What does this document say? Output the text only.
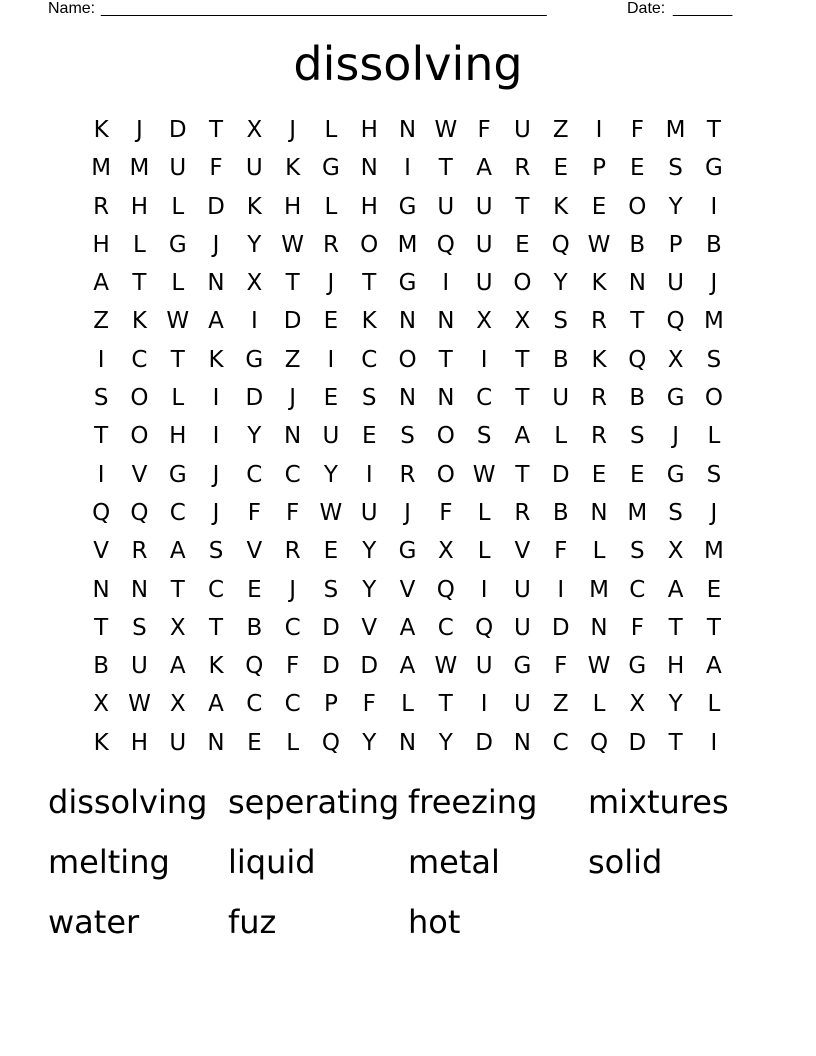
Name: _____________________________________________________	Date: _______
dissolving
K	J	D T	X	J	L	H N W F	U Z	I	F M T
M M U	F	U K G N	I	T	A R	E	P	E	S G
R H	L	D K H	L	H G U U T	K	E O Y	I
H	L G	J	Y W R O M Q U E Q W B	P	B
A	T	L	N X	T	J	T G	I	U O Y	K N U	J
Z K W A	I	D E	K N N X X	S	R	T Q M
I	C	T	K G Z	I	C O T	I	T	B K Q X	S
S O L	I	D	J	E	S N N C	T U R B G O
T O H	I	Y N U E	S O S	A	L	R	S	J	L
I	V G	J	C C	Y	I	R O W T D E	E G S
Q Q C	J	F	F W U	J	F	L	R B N M S	J
V R A	S	V R	E	Y G X	L	V	F	L	S	X M
N N T	C	E	J	S	Y	V Q	I	U	I	M C A	E
T	S	X	T	B C D V A C Q U D N	F	T	T
B U A K Q F D D A W U G F W G H A
X W X A C C	P	F	L	T	I	U Z	L	X	Y	L
K H U N E	L Q Y N Y D N C Q D T	I
dissolving seperating freezing	mixtures
melting	liquid	metal	solid
water	fuz	hot
